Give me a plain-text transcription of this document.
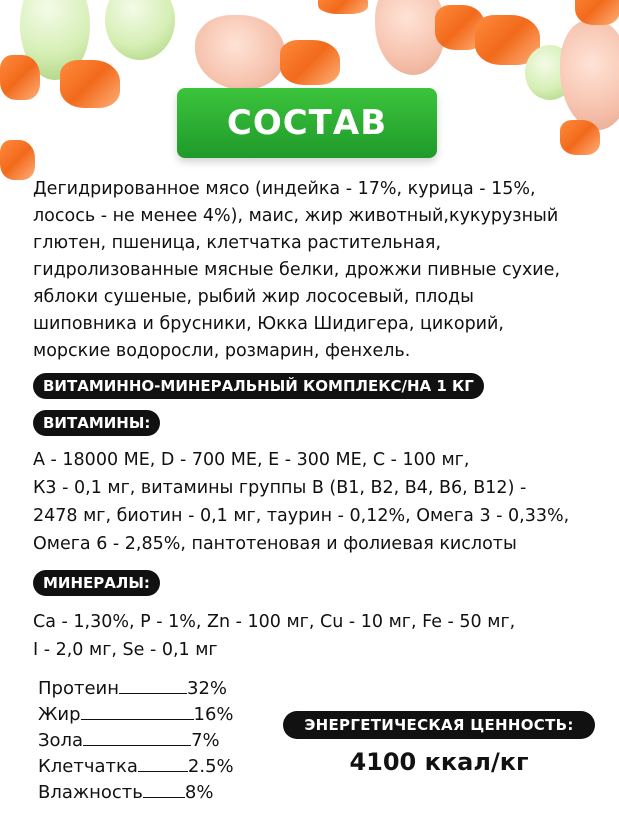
СОСТАВ
Дегидрированное мясо (индейка - 17%, курица - 15%,
лосось - не менее 4%), маис, жир животный,кукурузный
глютен, пшеница, клетчатка растительная,
гидролизованные мясные белки, дрожжи пивные сухие,
яблоки сушеные, рыбий жир лососевый, плоды
шиповника и брусники, Юкка Шидигера, цикорий,
морские водоросли, розмарин, фенхель.
ВИТАМИННО-МИНЕРАЛЬНЫЙ КОМПЛЕКС/НА 1 КГ
ВИТАМИНЫ:
A - 18000 МЕ, D - 700 МЕ, E - 300 МЕ, С - 100 мг,
К3 - 0,1 мг, витамины группы В (В1, В2, В4, В6, В12) -
2478 мг, биотин - 0,1 мг, таурин - 0,12%, Омега 3 - 0,33%,
Омега 6 - 2,85%, пантотеновая и фолиевая кислоты
МИНЕРАЛЫ:
Ca - 1,30%, P - 1%, Zn - 100 мг, Cu - 10 мг, Fe - 50 мг,
I - 2,0 мг, Se - 0,1 мг
Протеин	32%
Жир	16%
Зола	7%
Клетчатка	2.5%
Влажность 8%
ЭНЕРГЕТИЧЕСКАЯ ЦЕННОСТЬ:
4100 ккал/кг
